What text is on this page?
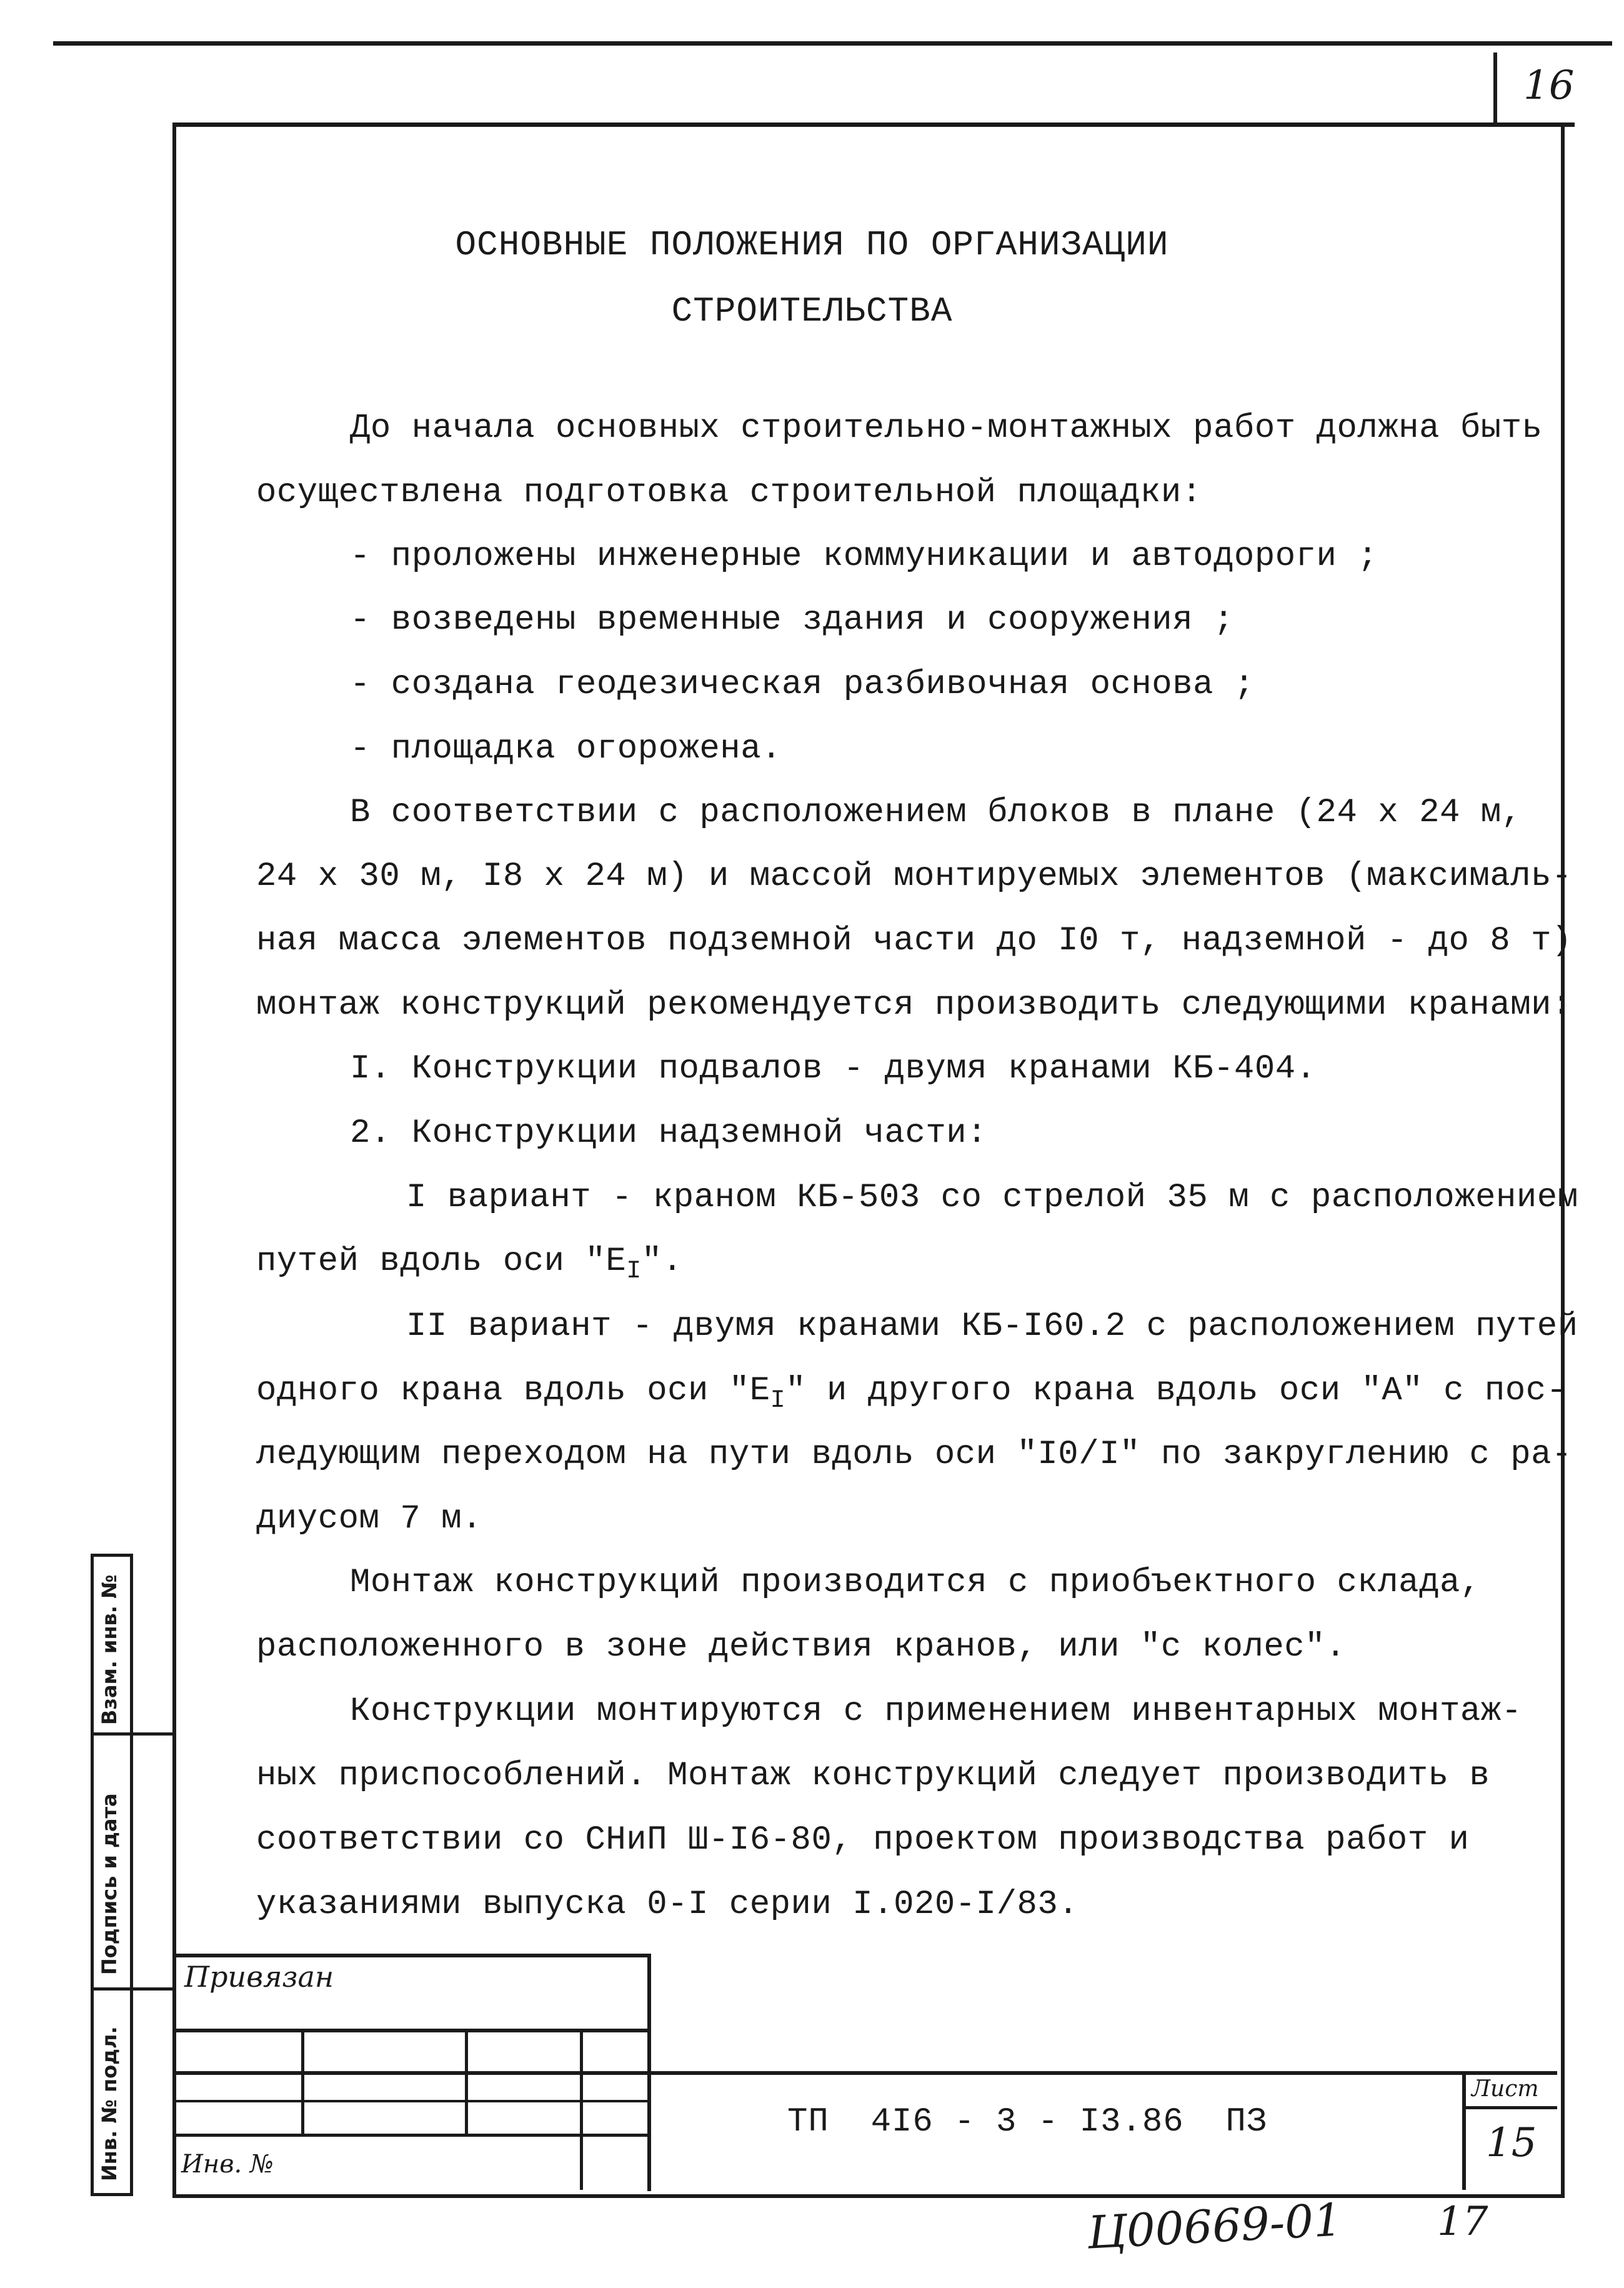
16
Взам. инв. №
Подпись и дата
Инв. № подл.
ОСНОВНЫЕ ПОЛОЖЕНИЯ ПО ОРГАНИЗАЦИИ
СТРОИТЕЛЬСТВА
До начала основных строительно-монтажных работ должна быть
осуществлена подготовка строительной площадки:
- проложены инженерные коммуникации и автодороги ;
- возведены временные здания и сооружения ;
- создана геодезическая разбивочная основа ;
- площадка огорожена.
В соответствии с расположением блоков в плане (24 x 24 м,
24 x 30 м, I8 x 24 м) и массой монтируемых элементов (максималь-
ная масса элементов подземной части до I0 т, надземной - до 8 т)
монтаж конструкций рекомендуется производить следующими кранами:
I. Конструкции подвалов - двумя кранами КБ-404.
2. Конструкции надземной части:
I вариант - краном КБ-503 со стрелой 35 м с расположением
путей вдоль оси "$Е_I$".
II вариант - двумя кранами КБ-I60.2 с расположением путей
одного крана вдоль оси "$Е_I$" и другого крана вдоль оси "А" с пос-
ледующим переходом на пути вдоль оси "I0/I" по закруглению с ра-
диусом 7 м.
Монтаж конструкций производится с приобъектного склада,
расположенного в зоне действия кранов, или "с колес".
Конструкции монтируются с применением инвентарных монтаж-
ных приспособлений. Монтаж конструкций следует производить в
соответствии со СНиП Ш-I6-80, проектом производства работ и
указаниями выпуска 0-I серии I.020-I/83.
Привязан
Инв. №
ТП  4I6 - 3 - I3.86  ПЗ
Лист
15
Ц00669-01 17
